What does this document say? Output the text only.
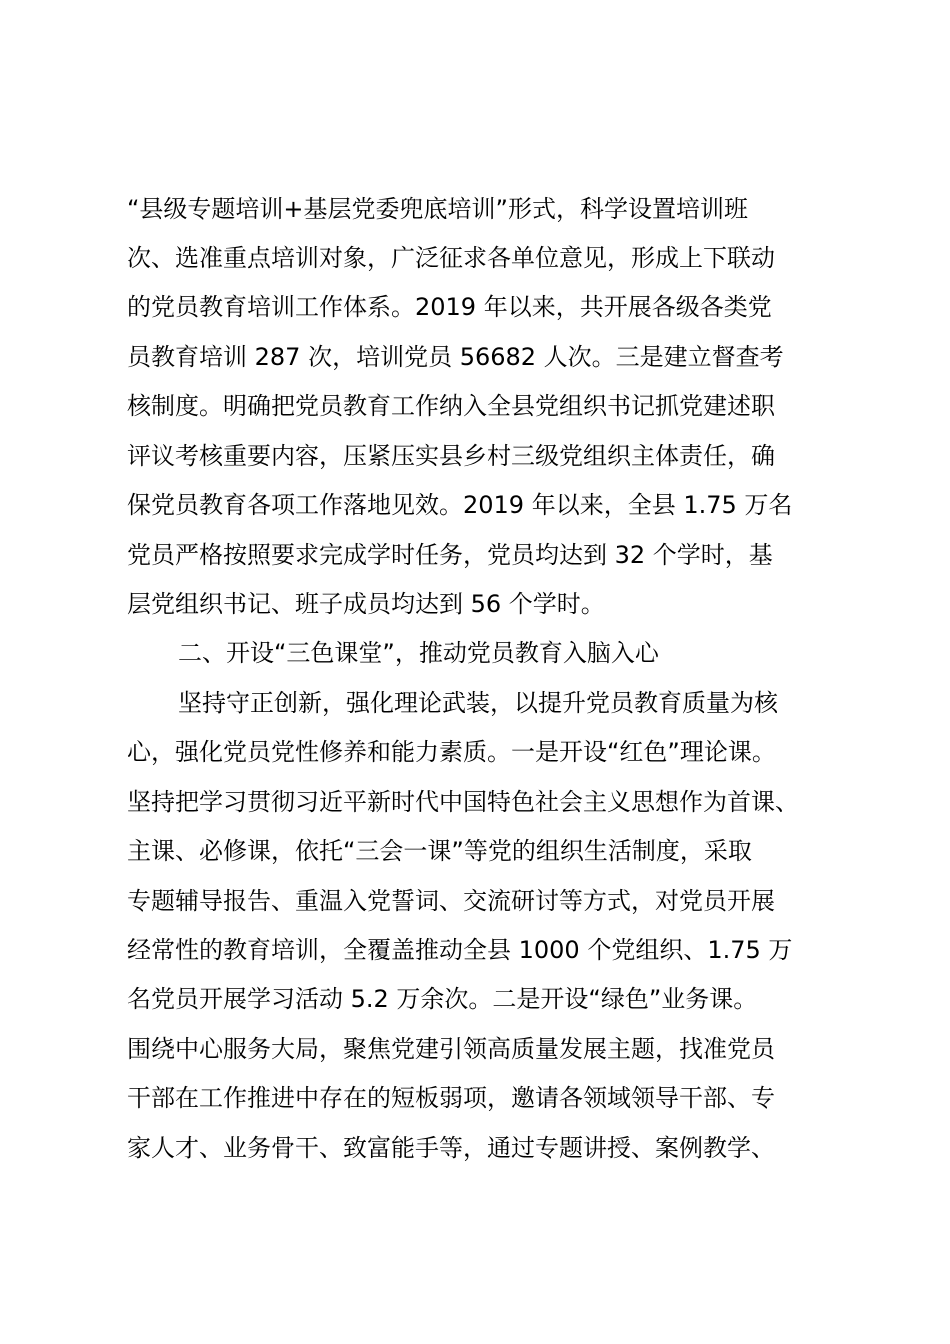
“县级专题培训+基层党委兜底培训”形式，科学设置培训班
次、选准重点培训对象，广泛征求各单位意见，形成上下联动
的党员教育培训工作体系。2019 年以来，共开展各级各类党
员教育培训 287 次，培训党员 56682 人次。三是建立督查考
核制度。明确把党员教育工作纳入全县党组织书记抓党建述职
评议考核重要内容，压紧压实县乡村三级党组织主体责任，确
保党员教育各项工作落地见效。2019 年以来，全县 1.75 万名
党员严格按照要求完成学时任务，党员均达到 32 个学时，基
层党组织书记、班子成员均达到 56 个学时。
二、开设“三色课堂”，推动党员教育入脑入心
坚持守正创新，强化理论武装，以提升党员教育质量为核
心，强化党员党性修养和能力素质。一是开设“红色”理论课。
坚持把学习贯彻习近平新时代中国特色社会主义思想作为首课、
主课、必修课，依托“三会一课”等党的组织生活制度，采取
专题辅导报告、重温入党誓词、交流研讨等方式，对党员开展
经常性的教育培训，全覆盖推动全县 1000 个党组织、1.75 万
名党员开展学习活动 5.2 万余次。二是开设“绿色”业务课。
围绕中心服务大局，聚焦党建引领高质量发展主题，找准党员
干部在工作推进中存在的短板弱项，邀请各领域领导干部、专
家人才、业务骨干、致富能手等，通过专题讲授、案例教学、
